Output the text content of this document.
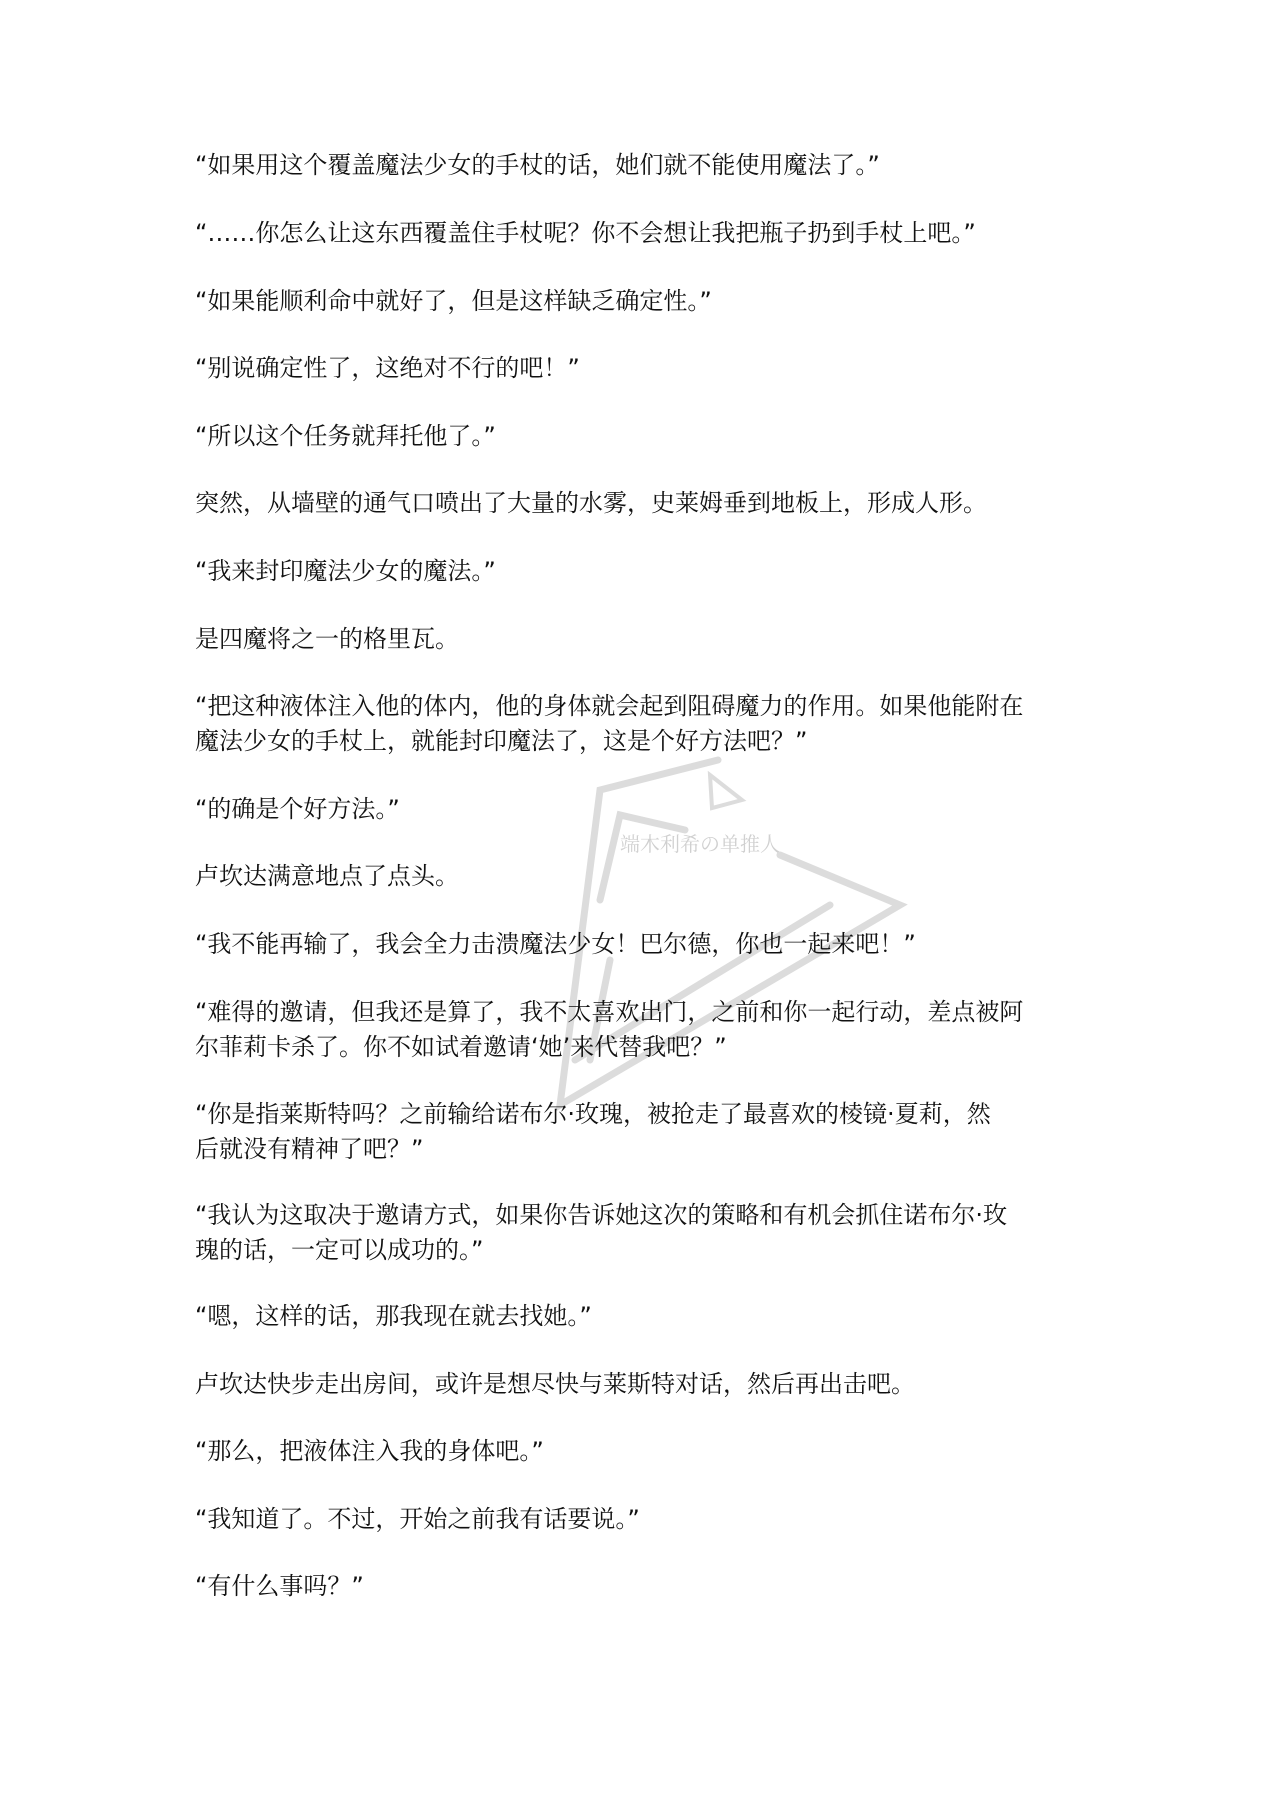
端木利希の单推人
“如果用这个覆盖魔法少女的手杖的话，她们就不能使用魔法了。”
“……你怎么让这东西覆盖住手杖呢？你不会想让我把瓶子扔到手杖上吧。”
“如果能顺利命中就好了，但是这样缺乏确定性。”
“别说确定性了，这绝对不行的吧！”
“所以这个任务就拜托他了。”
突然，从墙壁的通气口喷出了大量的水雾，史莱姆垂到地板上，形成人形。
“我来封印魔法少女的魔法。”
是四魔将之一的格里瓦。
“把这种液体注入他的体内，他的身体就会起到阻碍魔力的作用。如果他能附在
魔法少女的手杖上，就能封印魔法了，这是个好方法吧？”
“的确是个好方法。”
卢坎达满意地点了点头。
“我不能再输了，我会全力击溃魔法少女！巴尔德，你也一起来吧！”
“难得的邀请，但我还是算了，我不太喜欢出门，之前和你一起行动，差点被阿
尔菲莉卡杀了。你不如试着邀请‘她’来代替我吧？”
“你是指莱斯特吗？之前输给诺布尔·玫瑰，被抢走了最喜欢的棱镜·夏莉，然
后就没有精神了吧？”
“我认为这取决于邀请方式，如果你告诉她这次的策略和有机会抓住诺布尔·玫
瑰的话，一定可以成功的。”
“嗯，这样的话，那我现在就去找她。”
卢坎达快步走出房间，或许是想尽快与莱斯特对话，然后再出击吧。
“那么，把液体注入我的身体吧。”
“我知道了。不过，开始之前我有话要说。”
“有什么事吗？”
